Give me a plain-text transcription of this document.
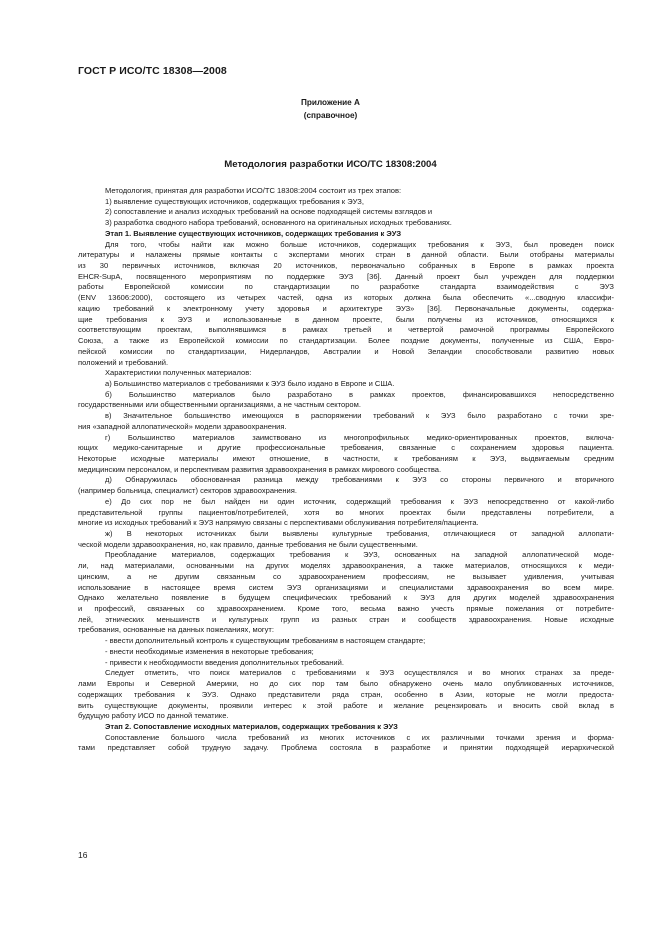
ГОСТ Р ИСО/ТС 18308—2008
Приложение А
(справочное)
Методология разработки ИСО/ТС 18308:2004
Методология, принятая для разработки ИСО/ТС 18308:2004 состоит из трех этапов:
1) выявление существующих источников, содержащих требования к ЭУЗ,
2) сопоставление и анализ исходных требований на основе подходящей системы взглядов и
3) разработка сводного набора требований, основанного на оригинальных исходных требованиях.
Этап 1. Выявление существующих источников, содержащих требования к ЭУЗ
Для того, чтобы найти как можно больше источников, содержащих требования к ЭУЗ, был проведен поиск
литературы и налажены прямые контакты с экспертами многих стран в данной области. Были отобраны материалы
из 30 первичных источников, включая 20 источников, первоначально собранных в Европе в рамках проекта
EHCR-SupA, посвященного мероприятиям по поддержке ЭУЗ [36]. Данный проект был учрежден для поддержки
работы Европейской комиссии по стандартизации по разработке стандарта взаимодействия с ЭУЗ
(ENV 13606:2000), состоящего из четырех частей, одна из которых должна была обеспечить «...сводную классифи-
кацию требований к электронному учету здоровья и архитектуре ЭУЗ» [36]. Первоначальные документы, содержа-
щие требования к ЭУЗ и использованные в данном проекте, были получены из источников, относящихся к
соответствующим проектам, выполнявшимся в рамках третьей и четвертой рамочной программы Европейского
Союза, а также из Европейской комиссии по стандартизации. Более поздние документы, полученные из США, Евро-
пейской комиссии по стандартизации, Нидерландов, Австралии и Новой Зеландии способствовали развитию новых
положений и требований.
Характеристики полученных материалов:
а) Большинство материалов с требованиями к ЭУЗ было издано в Европе и США.
б) Большинство материалов было разработано в рамках проектов, финансировавшихся непосредственно
государственными или общественными организациями, а не частным сектором.
в) Значительное большинство имеющихся в распоряжении требований к ЭУЗ было разработано с точки зре-
ния «западной аллопатической» модели здравоохранения.
г) Большинство материалов заимствовано из многопрофильных медико-ориентированных проектов, включа-
ющих медико-санитарные и другие профессиональные требования, связанные с сохранением здоровья пациента.
Некоторые исходные материалы имеют отношение, в частности, к требованиям к ЭУЗ, выдвигаемым средним
медицинским персоналом, и перспективам развития здравоохранения в рамках мирового сообщества.
д) Обнаружилась обоснованная разница между требованиями к ЭУЗ со стороны первичного и вторичного
(например больница, специалист) секторов здравоохранения.
е) До сих пор не был найден ни один источник, содержащий требования к ЭУЗ непосредственно от какой-либо
представительной группы пациентов/потребителей, хотя во многих проектах были представлены потребители, а
многие из исходных требований к ЭУЗ напрямую связаны с перспективами обслуживания потребителя/пациента.
ж) В некоторых источниках были выявлены культурные требования, отличающиеся от западной аллопати-
ческой модели здравоохранения, но, как правило, данные требования не были существенными.
Преобладание материалов, содержащих требования к ЭУЗ, основанных на западной аллопатической моде-
ли, над материалами, основанными на других моделях здравоохранения, а также материалов, относящихся к меди-
цинским, а не другим связанным со здравоохранением профессиям, не вызывает удивления, учитывая
использование в настоящее время систем ЭУЗ организациями и специалистами здравоохранения во всем мире.
Однако желательно появление в будущем специфических требований к ЭУЗ для других моделей здравоохранения
и профессий, связанных со здравоохранением. Кроме того, весьма важно учесть прямые пожелания от потребите-
лей, этнических меньшинств и культурных групп из разных стран и сообществ здравоохранения. Новые исходные
требования, основанные на данных пожеланиях, могут:
- ввести дополнительный контроль к существующим требованиям в настоящем стандарте;
- внести необходимые изменения в некоторые требования;
- привести к необходимости введения дополнительных требований.
Следует отметить, что поиск материалов с требованиями к ЭУЗ осуществлялся и во многих странах за преде-
лами Европы и Северной Америки, но до сих пор там было обнаружено очень мало опубликованных источников,
содержащих требования к ЭУЗ. Однако представители ряда стран, особенно в Азии, которые не могли предоста-
вить существующие документы, проявили интерес к этой работе и желание рецензировать и вносить свой вклад в
будущую работу ИСО по данной тематике.
Этап 2. Сопоставление исходных материалов, содержащих требования к ЭУЗ
Сопоставление большого числа требований из многих источников с их различными точками зрения и форма-
тами представляет собой трудную задачу. Проблема состояла в разработке и принятии подходящей иерархической
16
